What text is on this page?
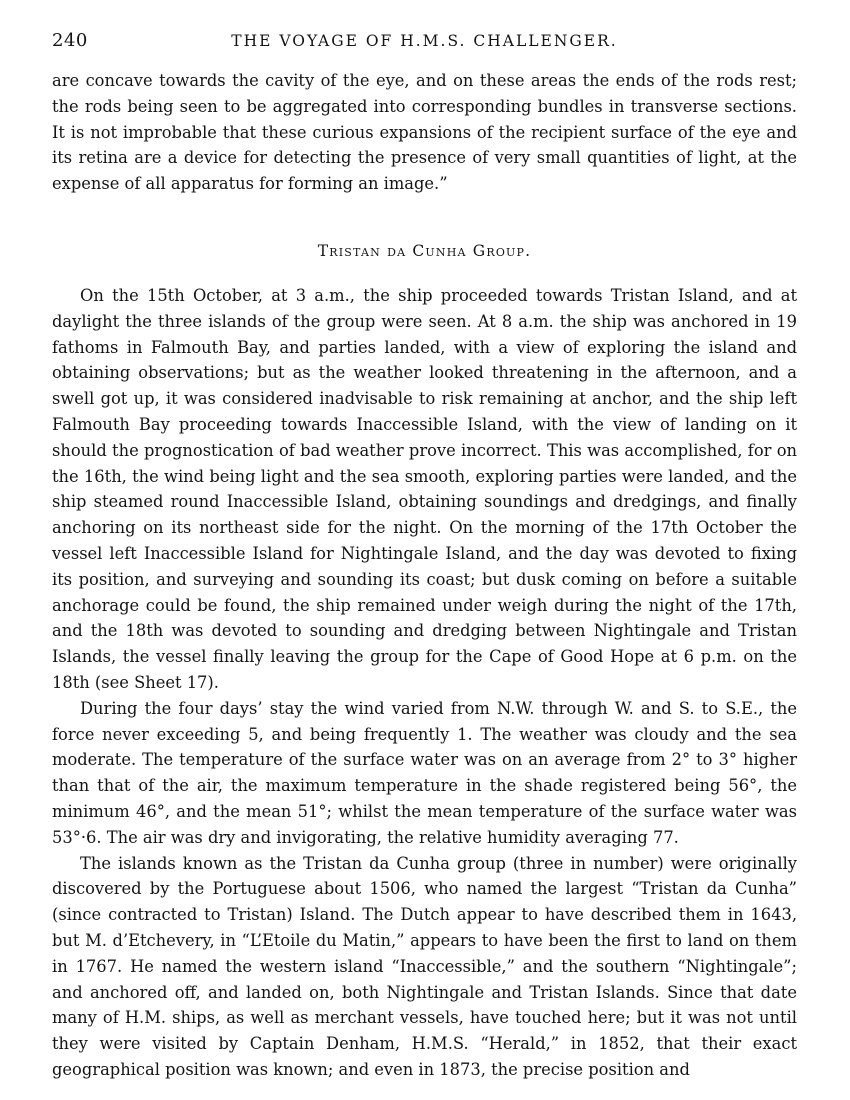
240	THE VOYAGE OF H.M.S. CHALLENGER.

are concave towards the cavity of the eye, and on these areas the ends of the rods rest; the rods being seen to be aggregated into corresponding bundles in transverse sections. It is not improbable that these curious expansions of the recipient surface of the eye and its retina are a device for detecting the presence of very small quantities of light, at the expense of all apparatus for forming an image.”

Tristan da Cunha Group.

On the 15th October, at 3 a.m., the ship proceeded towards Tristan Island, and at daylight the three islands of the group were seen. At 8 a.m. the ship was anchored in 19 fathoms in Falmouth Bay, and parties landed, with a view of exploring the island and obtaining observations; but as the weather looked threatening in the afternoon, and a swell got up, it was considered inadvisable to risk remaining at anchor, and the ship left Falmouth Bay proceeding towards Inaccessible Island, with the view of landing on it should the prognostication of bad weather prove incorrect. This was accomplished, for on the 16th, the wind being light and the sea smooth, exploring parties were landed, and the ship steamed round Inaccessible Island, obtaining soundings and dredgings, and finally anchoring on its northeast side for the night. On the morning of the 17th October the vessel left Inaccessible Island for Nightingale Island, and the day was devoted to fixing its position, and surveying and sounding its coast; but dusk coming on before a suitable anchorage could be found, the ship remained under weigh during the night of the 17th, and the 18th was devoted to sounding and dredging between Nightingale and Tristan Islands, the vessel finally leaving the group for the Cape of Good Hope at 6 p.m. on the 18th (see Sheet 17).

During the four days’ stay the wind varied from N.W. through W. and S. to S.E., the force never exceeding 5, and being frequently 1. The weather was cloudy and the sea moderate. The temperature of the surface water was on an average from 2° to 3° higher than that of the air, the maximum temperature in the shade registered being 56°, the minimum 46°, and the mean 51°; whilst the mean temperature of the surface water was 53°·6. The air was dry and invigorating, the relative humidity averaging 77.

The islands known as the Tristan da Cunha group (three in number) were originally discovered by the Portuguese about 1506, who named the largest “Tristan da Cunha” (since contracted to Tristan) Island. The Dutch appear to have described them in 1643, but M. d’Etchevery, in “L’Etoile du Matin,” appears to have been the first to land on them in 1767. He named the western island “Inaccessible,” and the southern “Nightingale”; and anchored off, and landed on, both Nightingale and Tristan Islands. Since that date many of H.M. ships, as well as merchant vessels, have touched here; but it was not until they were visited by Captain Denham, H.M.S. “Herald,” in 1852, that their exact geographical position was known; and even in 1873, the precise position and
